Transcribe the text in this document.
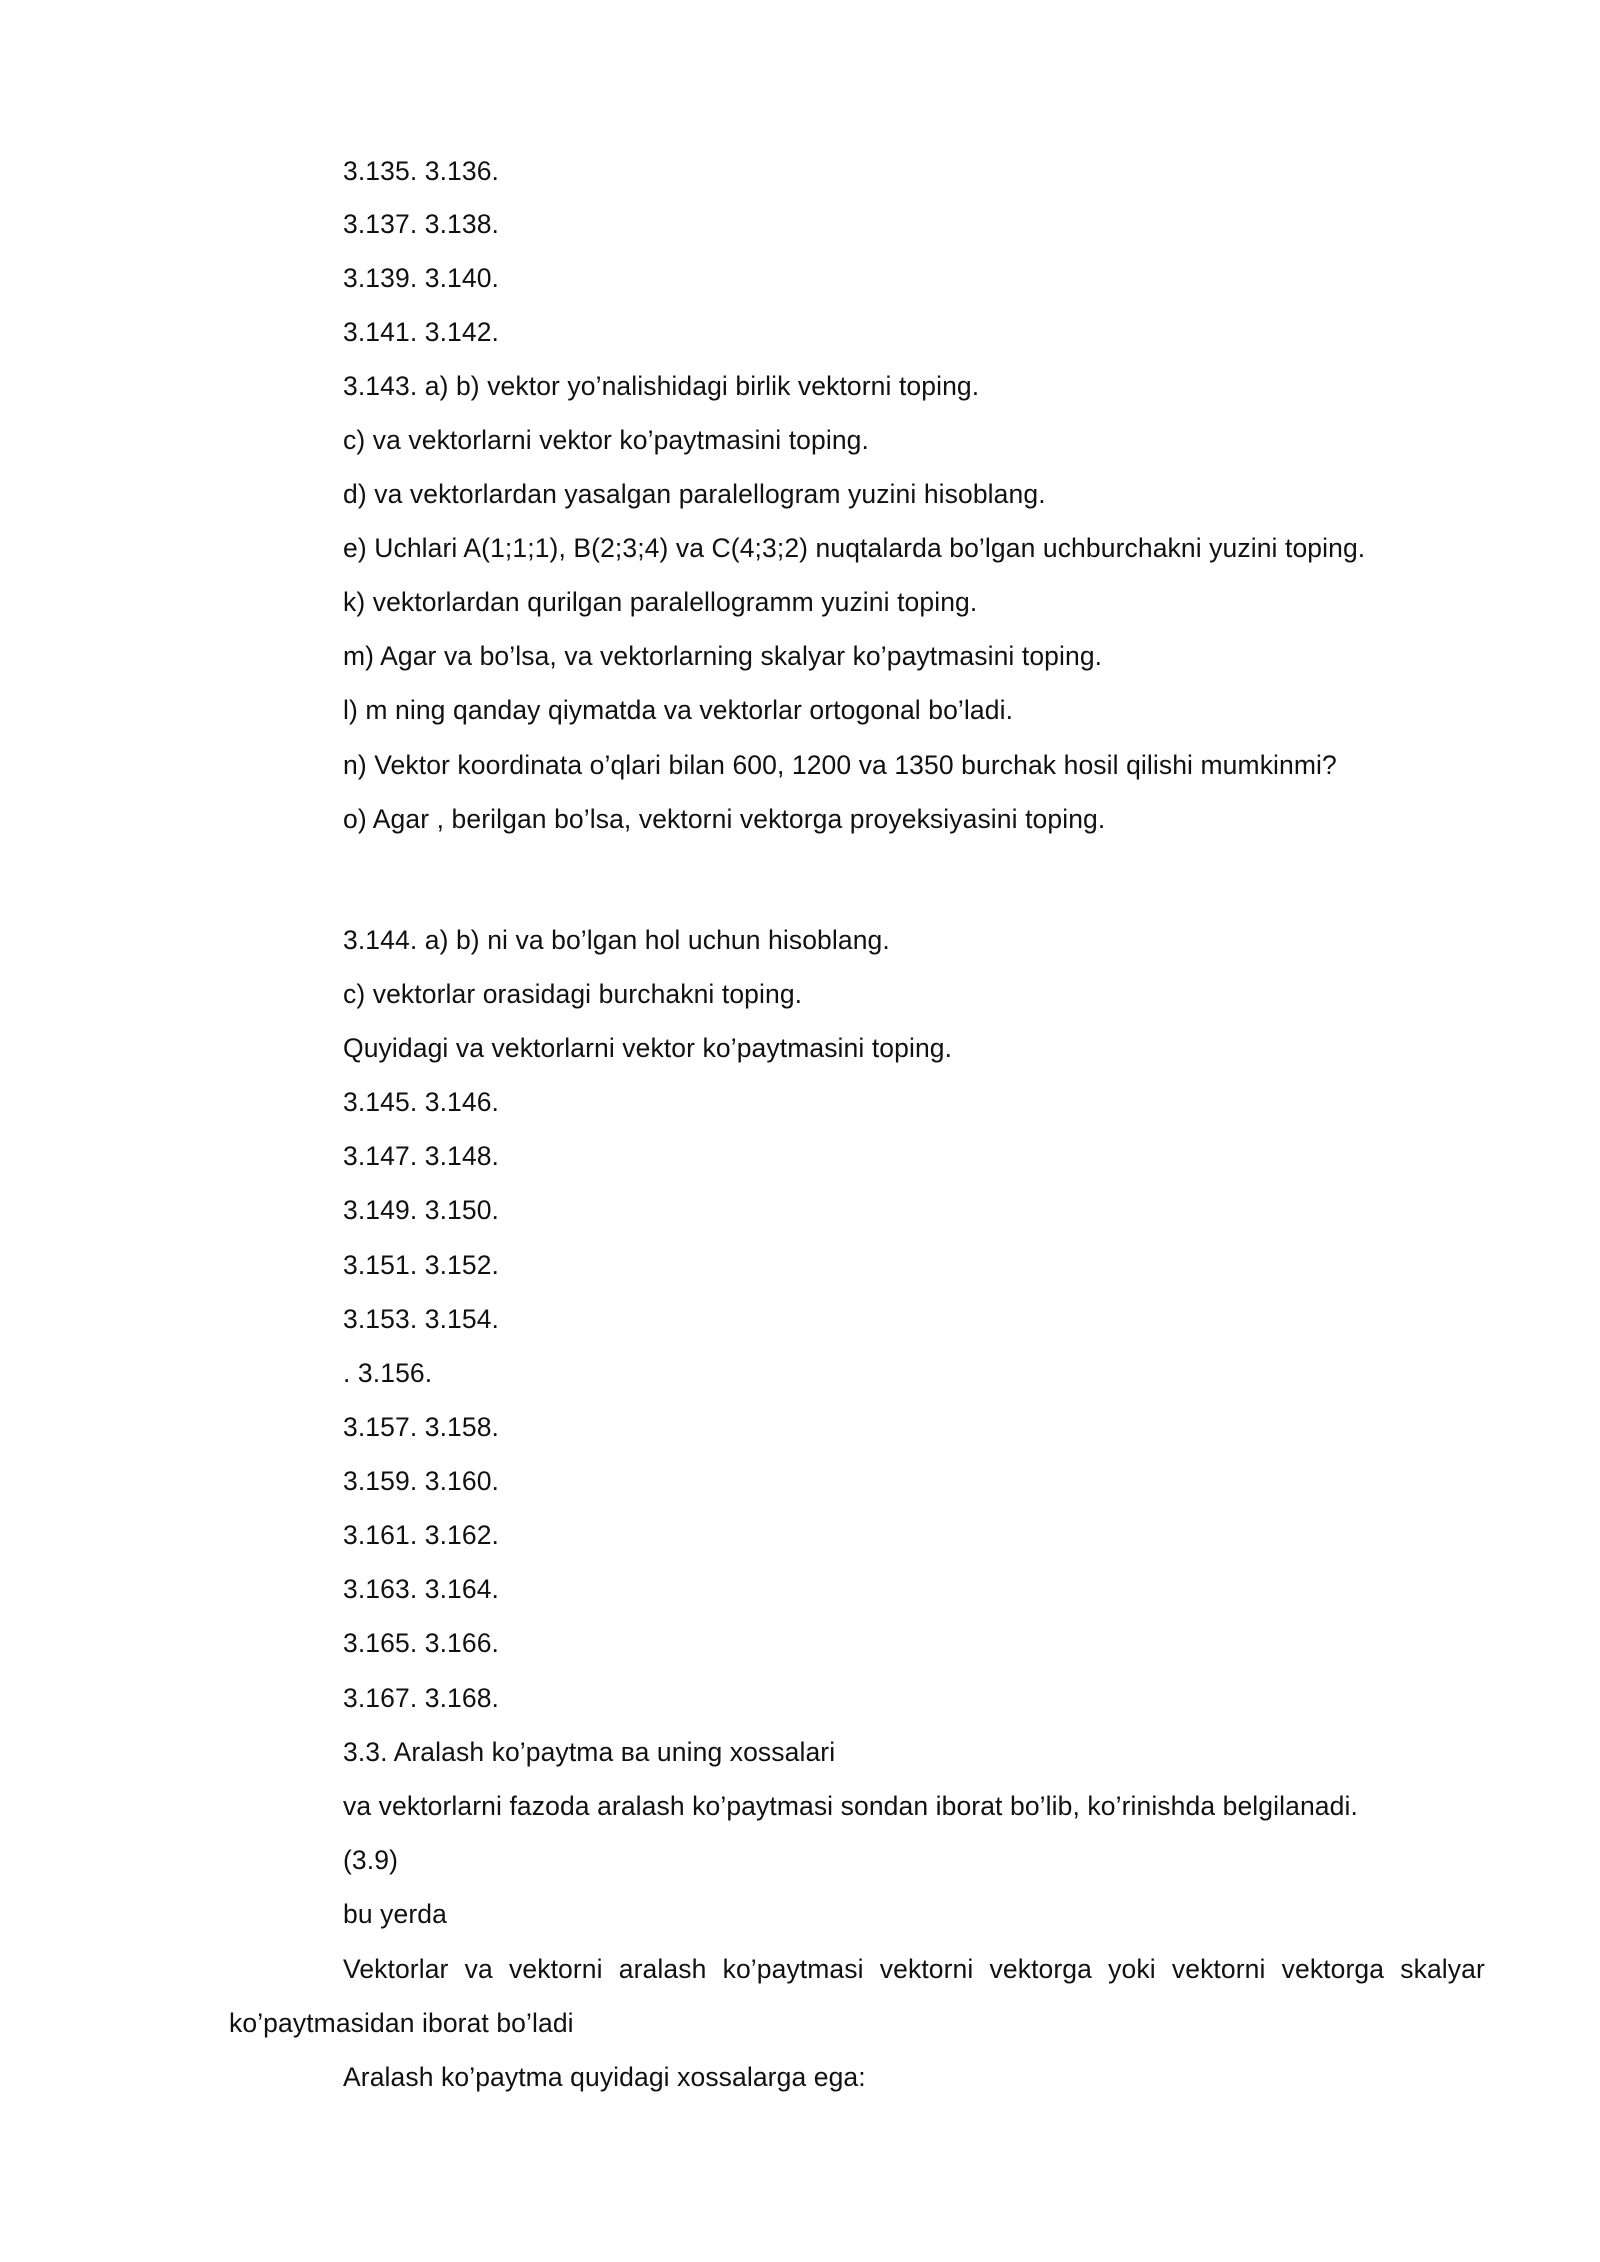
3.135. 3.136.
3.137. 3.138.
3.139. 3.140.
3.141. 3.142.
3.143. a) b) vektor yo’nalishidagi birlik vektorni toping.
c) va vektorlarni vektor ko’paytmasini toping.
d) va vektorlardan yasalgan paralellogram yuzini hisoblang.
e) Uchlari A(1;1;1), B(2;3;4) va C(4;3;2) nuqtalarda bo’lgan uchburchakni yuzini toping.
k) vektorlardan qurilgan paralellogramm yuzini toping.
m) Agar va bo’lsa, va vektorlarning skalyar ko’paytmasini toping.
l) m ning qanday qiymatda va vektorlar ortogonal bo’ladi.
n) Vektor koordinata o’qlari bilan 600, 1200 va 1350 burchak hosil qilishi mumkinmi?
o) Agar , berilgan bo’lsa, vektorni vektorga proyeksiyasini toping.
3.144. a) b) ni va bo’lgan hol uchun hisoblang.
c) vektorlar orasidagi burchakni toping.
Quyidagi va vektorlarni vektor ko’paytmasini toping.
3.145. 3.146.
3.147. 3.148.
3.149. 3.150.
3.151. 3.152.
3.153. 3.154.
. 3.156.
3.157. 3.158.
3.159. 3.160.
3.161. 3.162.
3.163. 3.164.
3.165. 3.166.
3.167. 3.168.
3.3. Aralash ko’paytma ва uning xossalari
va vektorlarni fazoda aralash ko’paytmasi sondan iborat bo’lib, ko’rinishda belgilanadi.
(3.9)
bu yerda
Vektorlar va vektorni aralash ko’paytmasi vektorni vektorga yoki vektorni vektorga skalyar
ko’paytmasidan iborat bo’ladi
Aralash ko’paytma quyidagi xossalarga ega:
